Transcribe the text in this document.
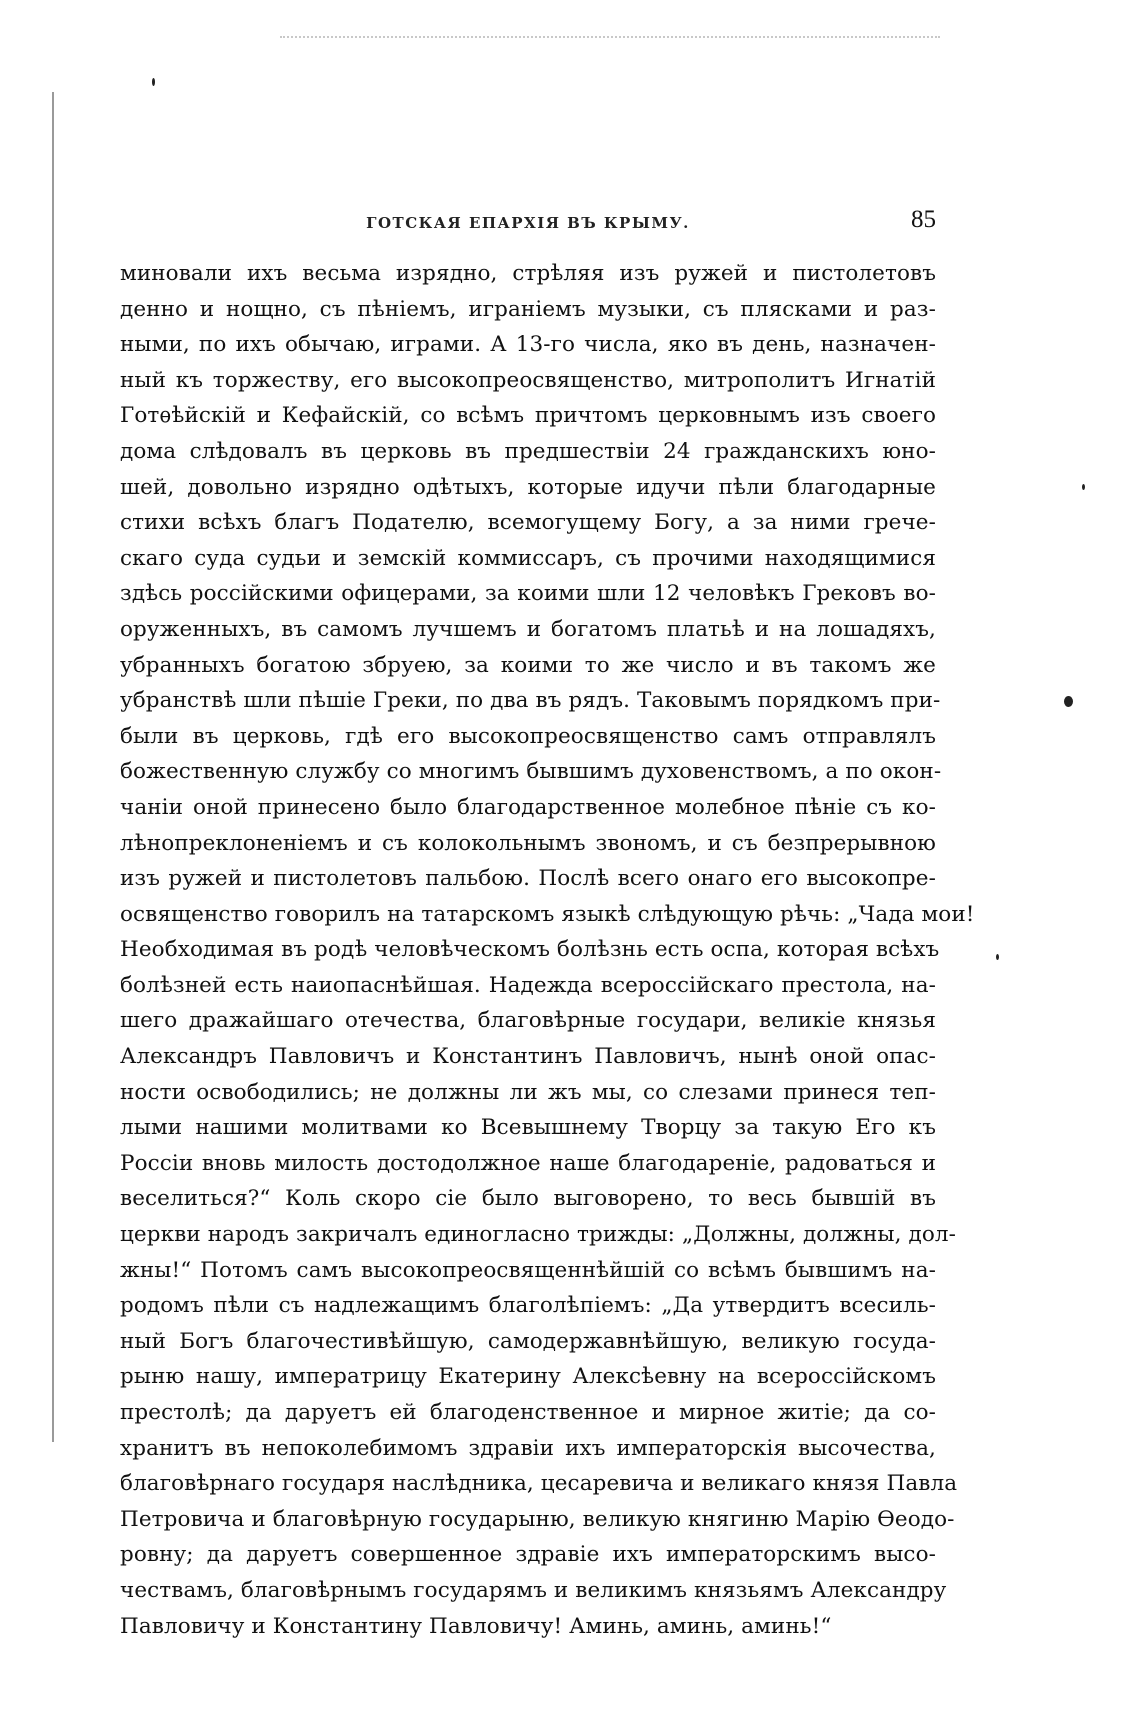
ГОТСКАЯ ЕПАРХІЯ ВЪ КРЫМУ.	85
миновали ихъ весьма изрядно, стрѣляя изъ ружей и пистолетовъ
денно и нощно, съ пѣніемъ, играніемъ музыки, съ плясками и раз-
ными, по ихъ обычаю, играми. А 13-го числа, яко въ день, назначен-
ный къ торжеству, его высокопреосвященство, митрополитъ Игнатій
Готѳѣйскій и Кефайскій, со всѣмъ причтомъ церковнымъ изъ своего
дома слѣдовалъ въ церковь въ предшествіи 24 гражданскихъ юно-
шей, довольно изрядно одѣтыхъ, которые идучи пѣли благодарные
стихи всѣхъ благъ Подателю, всемогущему Богу, а за ними грече-
скаго суда судьи и земскій коммиссаръ, съ прочими находящимися
здѣсь россійскими офицерами, за коими шли 12 человѣкъ Грековъ во-
оруженныхъ, въ самомъ лучшемъ и богатомъ платьѣ и на лошадяхъ,
убранныхъ богатою збруею, за коими то же число и въ такомъ же
убранствѣ шли пѣшіе Греки, по два въ рядъ. Таковымъ порядкомъ при-
были въ церковь, гдѣ его высокопреосвященство самъ отправлялъ
божественную службу со многимъ бывшимъ духовенствомъ, а по окон-
чаніи оной принесено было благодарственное молебное пѣніе съ ко-
лѣнопреклоненіемъ и съ колокольнымъ звономъ, и съ безпрерывною
изъ ружей и пистолетовъ пальбою. Послѣ всего онаго его высокопре-
освященство говорилъ на татарскомъ языкѣ слѣдующую рѣчь: „Чада мои!
Необходимая въ родѣ человѣческомъ болѣзнь есть оспа, которая всѣхъ
болѣзней есть наиопаснѣйшая. Надежда всероссійскаго престола, на-
шего дражайшаго отечества, благовѣрные государи, великіе князья
Александръ Павловичъ и Константинъ Павловичъ, нынѣ оной опас-
ности освободились; не должны ли жъ мы, со слезами принеся теп-
лыми нашими молитвами ко Всевышнему Творцу за такую Его къ
Россіи вновь милость достодолжное наше благодареніе, радоваться и
веселиться?“ Коль скоро сіе было выговорено, то весь бывшій въ
церкви народъ закричалъ единогласно трижды: „Должны, должны, дол-
жны!“ Потомъ самъ высокопреосвященнѣйшій со всѣмъ бывшимъ на-
родомъ пѣли съ надлежащимъ благолѣпіемъ: „Да утвердитъ всесиль-
ный Богъ благочестивѣйшую, самодержавнѣйшую, великую госуда-
рыню нашу, императрицу Екатерину Алексѣевну на всероссійскомъ
престолѣ; да даруетъ ей благоденственное и мирное житіе; да со-
хранитъ въ непоколебимомъ здравіи ихъ императорскія высочества,
благовѣрнаго государя наслѣдника, цесаревича и великаго князя Павла
Петровича и благовѣрную государыню, великую княгиню Марію Ѳеодо-
ровну; да даруетъ совершенное здравіе ихъ императорскимъ высо-
чествамъ, благовѣрнымъ государямъ и великимъ князьямъ Александру
Павловичу и Константину Павловичу! Аминь, аминь, аминь!“
